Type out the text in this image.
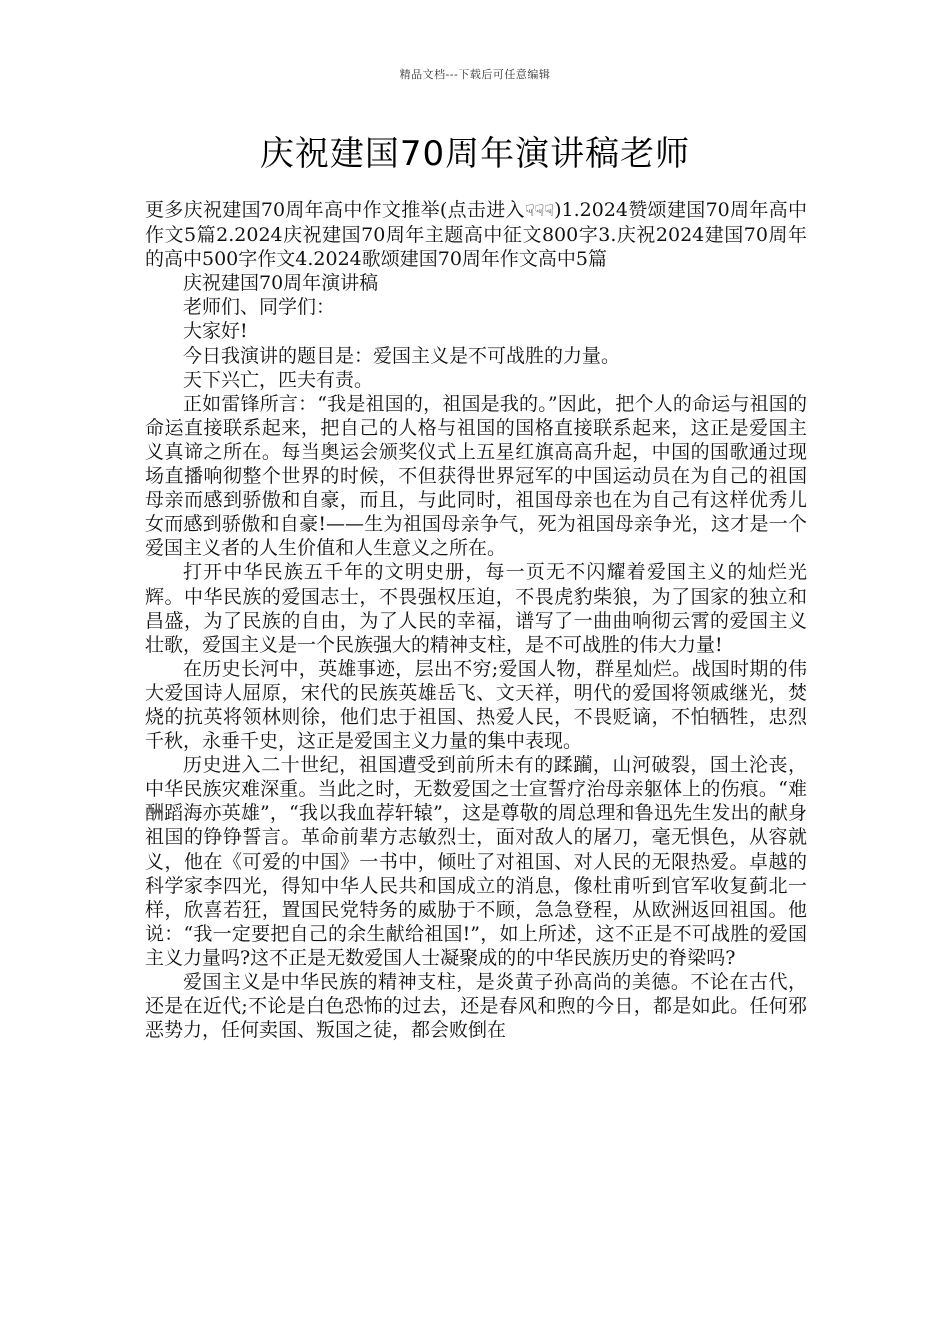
精品文档---下载后可任意编辑
庆祝建国70周年演讲稿老师

更多庆祝建国70周年高中作文推举(点击进入☟☟☟)1.2024赞颂建国70周年高中作文5篇2.2024庆祝建国70周年主题高中征文800字3.庆祝2024建国70周年的高中500字作文4.2024歌颂建国70周年作文高中5篇

庆祝建国70周年演讲稿

老师们、同学们：

大家好!

今日我演讲的题目是：爱国主义是不可战胜的力量。

天下兴亡，匹夫有责。

正如雷锋所言：“我是祖国的，祖国是我的。”因此，把个人的命运与祖国的命运直接联系起来，把自己的人格与祖国的国格直接联系起来，这正是爱国主义真谛之所在。每当奥运会颁奖仪式上五星红旗高高升起，中国的国歌通过现场直播响彻整个世界的时候，不但获得世界冠军的中国运动员在为自己的祖国母亲而感到骄傲和自豪，而且，与此同时，祖国母亲也在为自己有这样优秀儿女而感到骄傲和自豪!——生为祖国母亲争气，死为祖国母亲争光，这才是一个爱国主义者的人生价值和人生意义之所在。

打开中华民族五千年的文明史册，每一页无不闪耀着爱国主义的灿烂光辉。中华民族的爱国志士，不畏强权压迫，不畏虎豹柴狼，为了国家的独立和昌盛，为了民族的自由，为了人民的幸福，谱写了一曲曲响彻云霄的爱国主义壮歌，爱国主义是一个民族强大的精神支柱，是不可战胜的伟大力量!

在历史长河中，英雄事迹，层出不穷;爱国人物，群星灿烂。战国时期的伟大爱国诗人屈原，宋代的民族英雄岳飞、文天祥，明代的爱国将领戚继光，焚烧的抗英将领林则徐，他们忠于祖国、热爱人民，不畏贬谪，不怕牺牲，忠烈千秋，永垂千史，这正是爱国主义力量的集中表现。

历史进入二十世纪，祖国遭受到前所未有的蹂躏，山河破裂，国土沦丧，中华民族灾难深重。当此之时，无数爱国之士宣誓疗治母亲躯体上的伤痕。“难酬蹈海亦英雄”，“我以我血荐轩辕”，这是尊敬的周总理和鲁迅先生发出的献身祖国的铮铮誓言。革命前辈方志敏烈士，面对敌人的屠刀，毫无惧色，从容就义，他在《可爱的中国》一书中，倾吐了对祖国、对人民的无限热爱。卓越的科学家李四光，得知中华人民共和国成立的消息，像杜甫听到官军收复蓟北一样，欣喜若狂，置国民党特务的威胁于不顾，急急登程，从欧洲返回祖国。他说：“我一定要把自己的余生献给祖国!”，如上所述，这不正是不可战胜的爱国主义力量吗?这不正是无数爱国人士凝聚成的的中华民族历史的脊梁吗?

爱国主义是中华民族的精神支柱，是炎黄子孙高尚的美德。不论在古代，还是在近代;不论是白色恐怖的过去，还是春风和煦的今日，都是如此。任何邪恶势力，任何卖国、叛国之徒，都会败倒在
